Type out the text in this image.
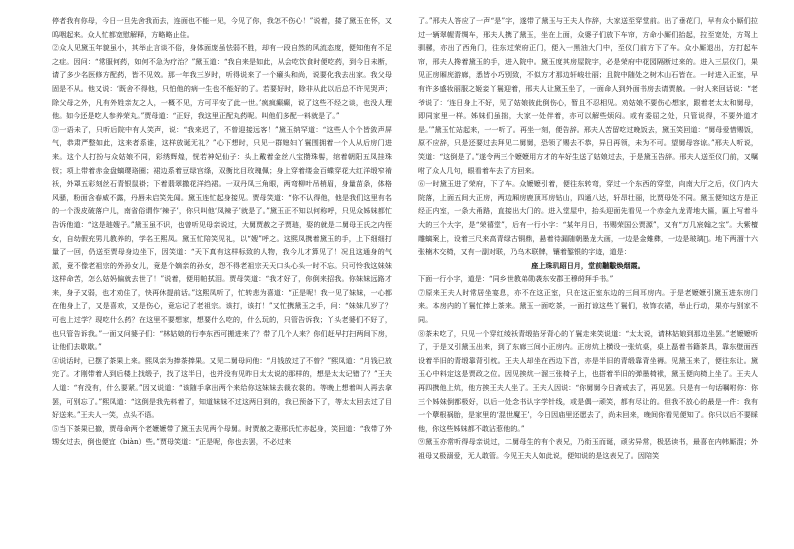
停者我有你母，今日一旦先舍我而去，连面也不能一见，今见了你，我怎不伤心！”说着，搂了黛玉在怀，又呜咽起来。众人忙都宽慰解释，方略略止住。

②众人见黛玉年貌虽小，其举止言谈不俗，身体面庞虽怯弱不胜，却有一段自然的风流态度，便知他有不足之症。因问：“常服何药，如何不急为疗治？”黛玉道：“我自来是如此，从会吃饮食时便吃药，到今日未断，请了多少名医修方配药，皆不见效。那一年我三岁时，听得说来了一个癞头和尚，说要化我去出家。我父母固是不从。他又说：‘既舍不得他，只怕他的病一生也不能好的了。若要好时，除非从此以后总不许见哭声；除父母之外，凡有外姓亲友之人，一概不见，方可平安了此一世。’疯疯癫癫，说了这些不经之谈，也没人理他。如今还是吃人参养荣丸。”贾母道：“正好，我这里正配丸药呢。叫他们多配一料就是了。”

③一语未了，只听后院中有人笑声，说：“我来迟了，不曾迎接远客！”黛玉纳罕道：“这些人个个皆敛声屏气，恭肃严整如此，这来者系谁，这样放诞无礼？”心下想时，只见一群媳妇丫鬟围拥着一个人从后房门进来。这个人打扮与众姑娘不同，彩绣辉煌，恍若神妃仙子：头上戴着金丝八宝攒珠髻，绾着朝阳五凤挂珠钗；项上带着赤金盘螭璎珞圈；裙边系着豆绿宫绦，双衡比目玫瑰佩；身上穿着缕金百蝶穿花大红洋缎窄褃袄，外罩五彩刻丝石青银鼠褂；下着翡翠撒花洋绉裙。一双丹凤三角眼，两弯柳叶吊梢眉，身量苗条，体格风骚，粉面含春威不露，丹唇未启笑先闻。黛玉连忙起身接见。贾母笑道：“你不认得他，他是我们这里有名的一个泼皮破落户儿，南省俗谓作‘辣子’，你只叫他‘凤辣子’就是了。”黛玉正不知以何称呼，只见众姊妹都忙告诉他道：“这是琏嫂子。”黛玉虽不识，也曾听见母亲说过，大舅贾赦之子贾琏，娶的就是二舅母王氏之内侄女，自幼假充男儿教养的，学名王熙凤。黛玉忙陪笑见礼，以“嫂”呼之。这熙凤携着黛玉的手，上下细细打量了一回，仍送至贾母身边坐下，因笑道：“天下真有这样标致的人物，我今儿才算见了！况且这通身的气派，竟不像老祖宗的外孙女儿，竟是个嫡亲的孙女，怨不得老祖宗天天口头心头一时不忘。只可怜我这妹妹这样命苦，怎么姑妈偏就去世了！”说着，便用帕拭泪。贾母笑道：“我才好了，你倒来招我。你妹妹远路才来，身子又弱，也才劝住了，快再休提前话。”这熙凤听了，忙转悲为喜道：“正是呢！我一见了妹妹，一心都在他身上了，又是喜欢，又是伤心，竟忘记了老祖宗。该打，该打！”又忙携黛玉之手，问：“妹妹几岁了？可也上过学？现吃什么药？在这里不要想家，想要什么吃的，什么玩的，只管告诉我；丫头老婆们不好了，也只管告诉我。”一面又问婆子们：“林姑娘的行李东西可搬进来了？带了几个人来？你们赶早打扫两间下房，让他们去歇歇。”

④说话时，已摆了茶果上来。熙凤亲为捧茶捧果。又见二舅母问他：“月钱放过了不曾？”熙凤道：“月钱已放完了。才刚带着人到后楼上找缎子，找了这半日，也并没有见昨日太太说的那样的，想是太太记错了？”王夫人道：“有没有，什么要紧。”因又说道：“该随手拿出两个来给你这妹妹去裁衣裳的。等晚上想着叫人再去拿罢，可别忘了。”熙凤道：“这倒是我先料着了，知道妹妹不过这两日到的，我已预备下了，等太太回去过了目好送来。”王夫人一笑，点头不语。

⑤当下茶果已撤，贾母命两个老嬷嬷带了黛玉去见两个母舅。时贾赦之妻邢氏忙亦起身，笑回道：“我带了外甥女过去，倒也便宜（biàn）些。”贾母笑道：“正是呢，你也去罢，不必过来

了。”邢夫人答应了一声“是”字，遂带了黛玉与王夫人作辞，大家送至穿堂前。出了垂花门，早有众小厮们拉过一辆翠幄青绸车，邢夫人携了黛玉，坐在上面，众婆子们放下车帘，方命小厮们抬起，拉至宽处，方驾上驯骡，亦出了西角门，往东过荣府正门，便入一黑油大门中，至仪门前方下了车。众小厮退出，方打起车帘，邢夫人搀着黛玉的手，进入院中。黛玉度其房屋院宇，必是荣府中花园隔断过来的。进入三层仪门，果见正房厢庑游廊，悉皆小巧别致，不似方才那边轩峻壮丽；且院中随处之树木山石皆在。一时进入正室，早有许多盛妆丽服之姬妾丫鬟迎着，邢夫人让黛玉坐了，一面命人到外面书房去请贾赦。一时人来回话说：“老爷说了：‘连日身上不好，见了姑娘彼此倒伤心，暂且不忍相见。劝姑娘不要伤心想家，跟着老太太和舅母，即同家里一样。姊妹们虽拙，大家一处伴着，亦可以解些烦闷。或有委屈之处，只管说得，不要外道才是。’”黛玉忙站起来，一一听了。再坐一刻，便告辞。邢夫人苦留吃过晚饭去，黛玉笑回道：“舅母爱惜赐饭，原不应辞，只是还要过去拜见二舅舅，恐领了赐去不恭，异日再领，未为不可。望舅母容谅。”邢夫人听说，笑道：“这倒是了。”遂令两三个嬷嬷用方才的车好生送了姑娘过去，于是黛玉告辞。邢夫人送至仪门前，又嘱咐了众人几句，眼看着车去了方回来。

⑥一时黛玉进了荣府，下了车。众嬷嬷引着，便往东转弯，穿过一个东西的穿堂，向南大厅之后，仪门内大院落，上面五间大正房，两边厢房鹿顶耳房钻山，四通八达，轩昂壮丽，比贾母处不同。黛玉便知这方是正经正内室，一条大甬路，直接出大门的。进入堂屋中，抬头迎面先看见一个赤金九龙青地大匾，匾上写着斗大的三个大字，是“荣禧堂”，后有一行小字：“某年月日，书赐荣国公贾源”，又有“万几宸翰之宝”。大紫檀雕螭案上，设着三尺来高青绿古铜鼎，悬着待漏随朝墨龙大画，一边是金蜼彝，一边是玻璃𬮸。地下两溜十六张楠木交椅，又有一副对联，乃乌木联牌，镶着錾银的字迹，道是：

座上珠玑昭日月，堂前黼黻焕烟霞。

下面一行小字，道是：“同乡世教弟勋袭东安郡王穆莳拜手书。”

⑦原来王夫人时常居坐宴息，亦不在这正室，只在这正室东边的三间耳房内。于是老嬷嬷引黛玉进东房门来。本房内的丫鬟忙捧上茶来。黛玉一面吃茶，一面打谅这些丫鬟们，妆饰衣裙，举止行动，果亦与别家不同。

⑧茶未吃了，只见一个穿红绫袄青缎掐牙背心的丫鬟走来笑说道：“太太说，请林姑娘到那边坐罢。”老嬷嬷听了，于是又引黛玉出来，到了东廊三间小正房内。正房炕上横设一张炕桌，桌上磊着书籍茶具，靠东壁面西设着半旧的青缎靠背引枕。王夫人却坐在西边下首，亦是半旧的青缎靠背坐褥。见黛玉来了，便往东让。黛玉心中料定这是贾政之位。因见挨炕一溜三张椅子上，也搭着半旧的弹墨椅袱，黛玉便向椅上坐了。王夫人再四携他上炕，他方挨王夫人坐了。王夫人因说：“你舅舅今日斋戒去了，再见罢。只是有一句话嘱咐你：你三个姊妹倒都极好，以后一处念书认字学针线，或是偶一顽笑，都有尽让的。但我不放心的最是一件：我有一个孽根祸胎，是家里的‘混世魔王’，今日因庙里还愿去了，尚未回来，晚间你看见便知了。你只以后不要睬他，你这些姊妹都不敢沾惹他的。”

⑨黛玉亦常听得母亲说过，二舅母生的有个表兄，乃衔玉而诞，顽劣异常，极恶读书，最喜在内帏厮混；外祖母又极溺爱，无人敢管。今见王夫人如此说，便知说的是这表兄了。因陪笑
